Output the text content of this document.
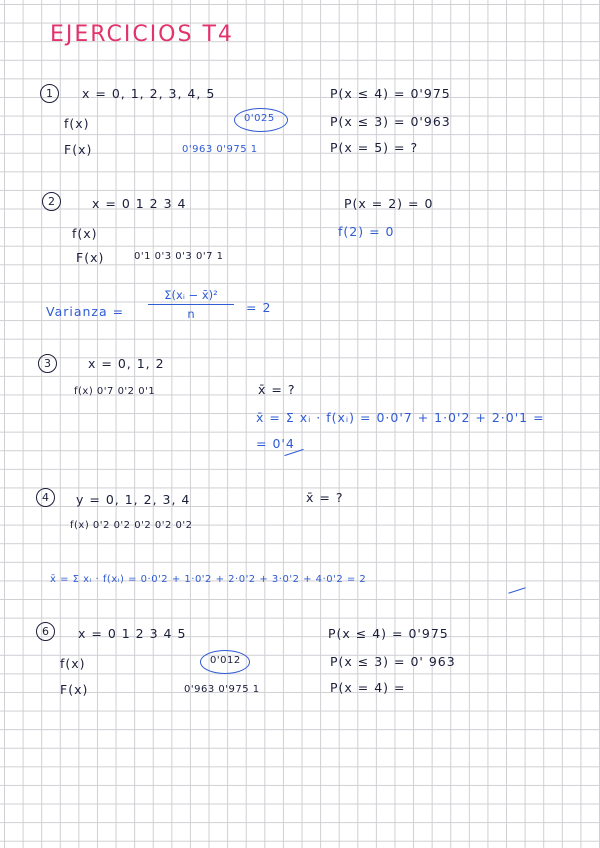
EJERCICIOS T4
1	x = 0, 1, 2, 3, 4, 5
f(x)	0'025
F(x)	0'963 0'975 1
P(x ≤ 4) = 0'975
P(x ≤ 3) = 0'963
P(x = 5) = ?
2	x = 0 1 2 3 4
f(x)
F(x)	0'1 0'3 0'3 0'7 1
P(x = 2) = 0
f(2) = 0
Varianza =
Σ(xᵢ − x̄)²
n	= 2
3	x = 0, 1, 2
f(x) 0'7 0'2 0'1	x̄ = ?
x̄ = Σ xᵢ · f(xᵢ) = 0·0'7 + 1·0'2 + 2·0'1 =
= 0'4
4	y = 0, 1, 2, 3, 4	x̄ = ?
f(x) 0'2 0'2 0'2 0'2 0'2
x̄ = Σ xᵢ · f(xᵢ) = 0·0'2 + 1·0'2 + 2·0'2 + 3·0'2 + 4·0'2 = 2
6	x = 0 1 2 3 4 5
f(x)	0'012
F(x)	0'963 0'975 1
P(x ≤ 4) = 0'975
P(x ≤ 3) = 0' 963
P(x = 4) =
